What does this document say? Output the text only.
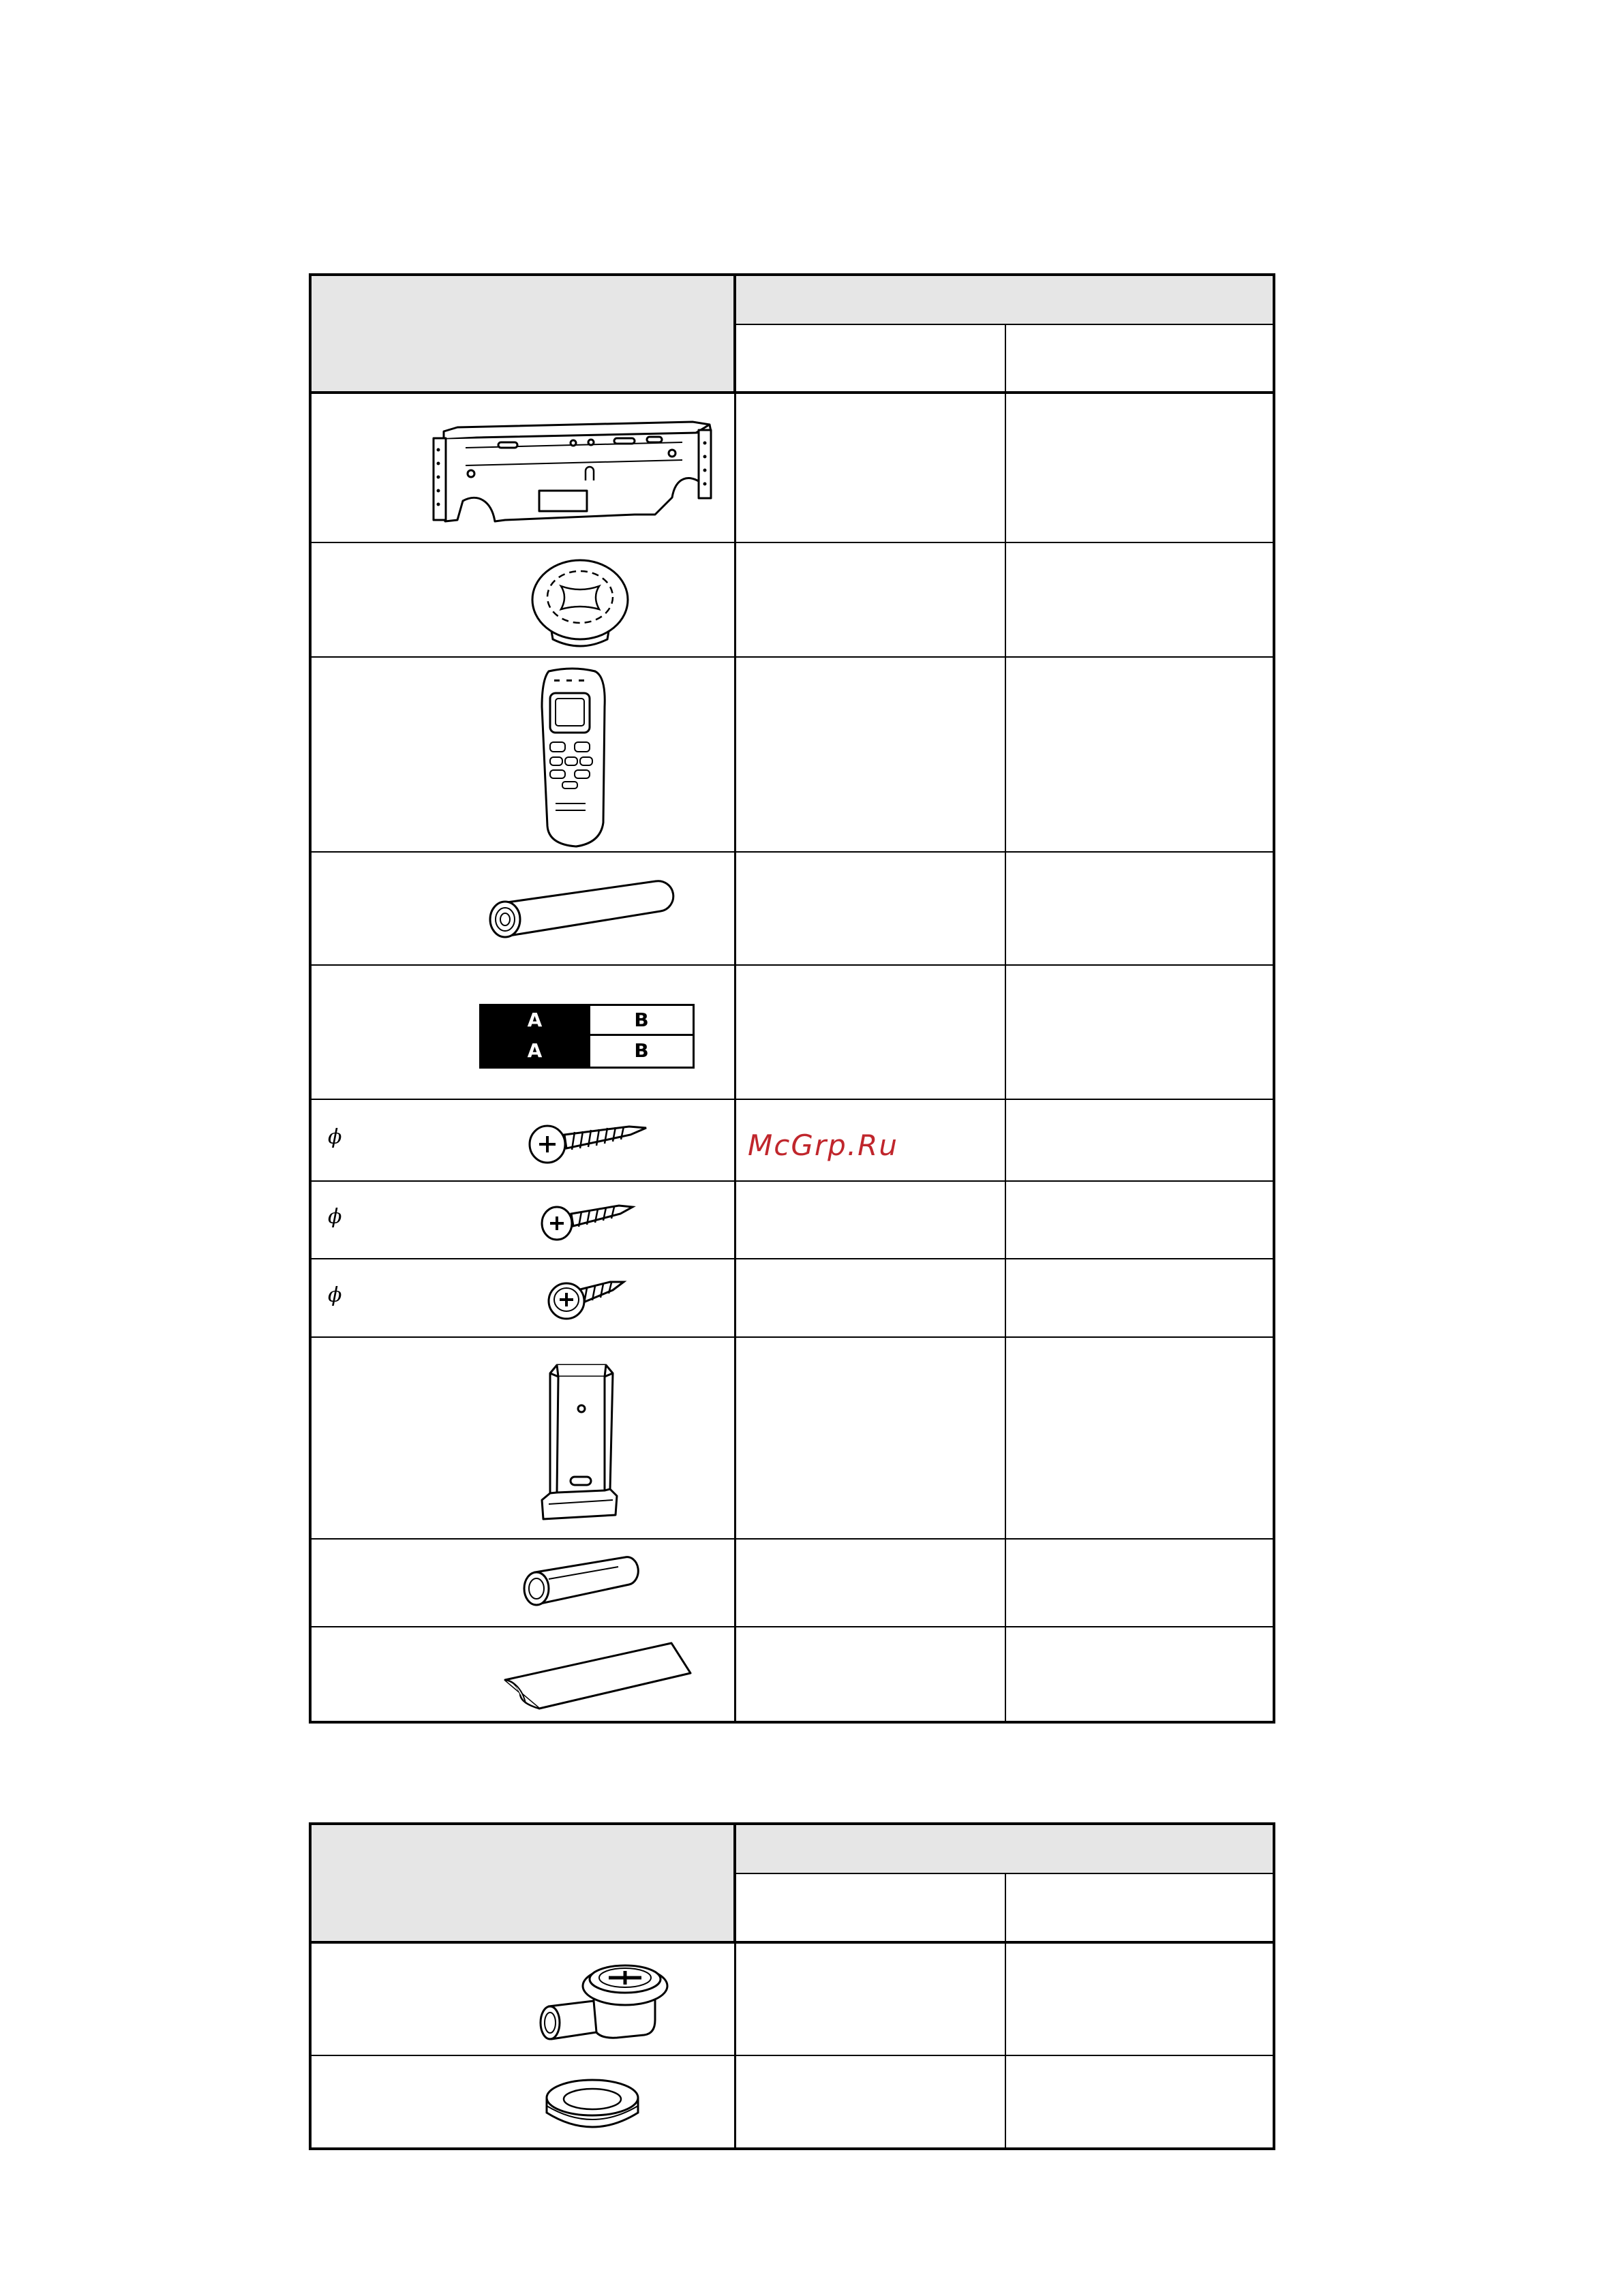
ϕ
ϕ
ϕ
A	B
A	B
McGrp.Ru
